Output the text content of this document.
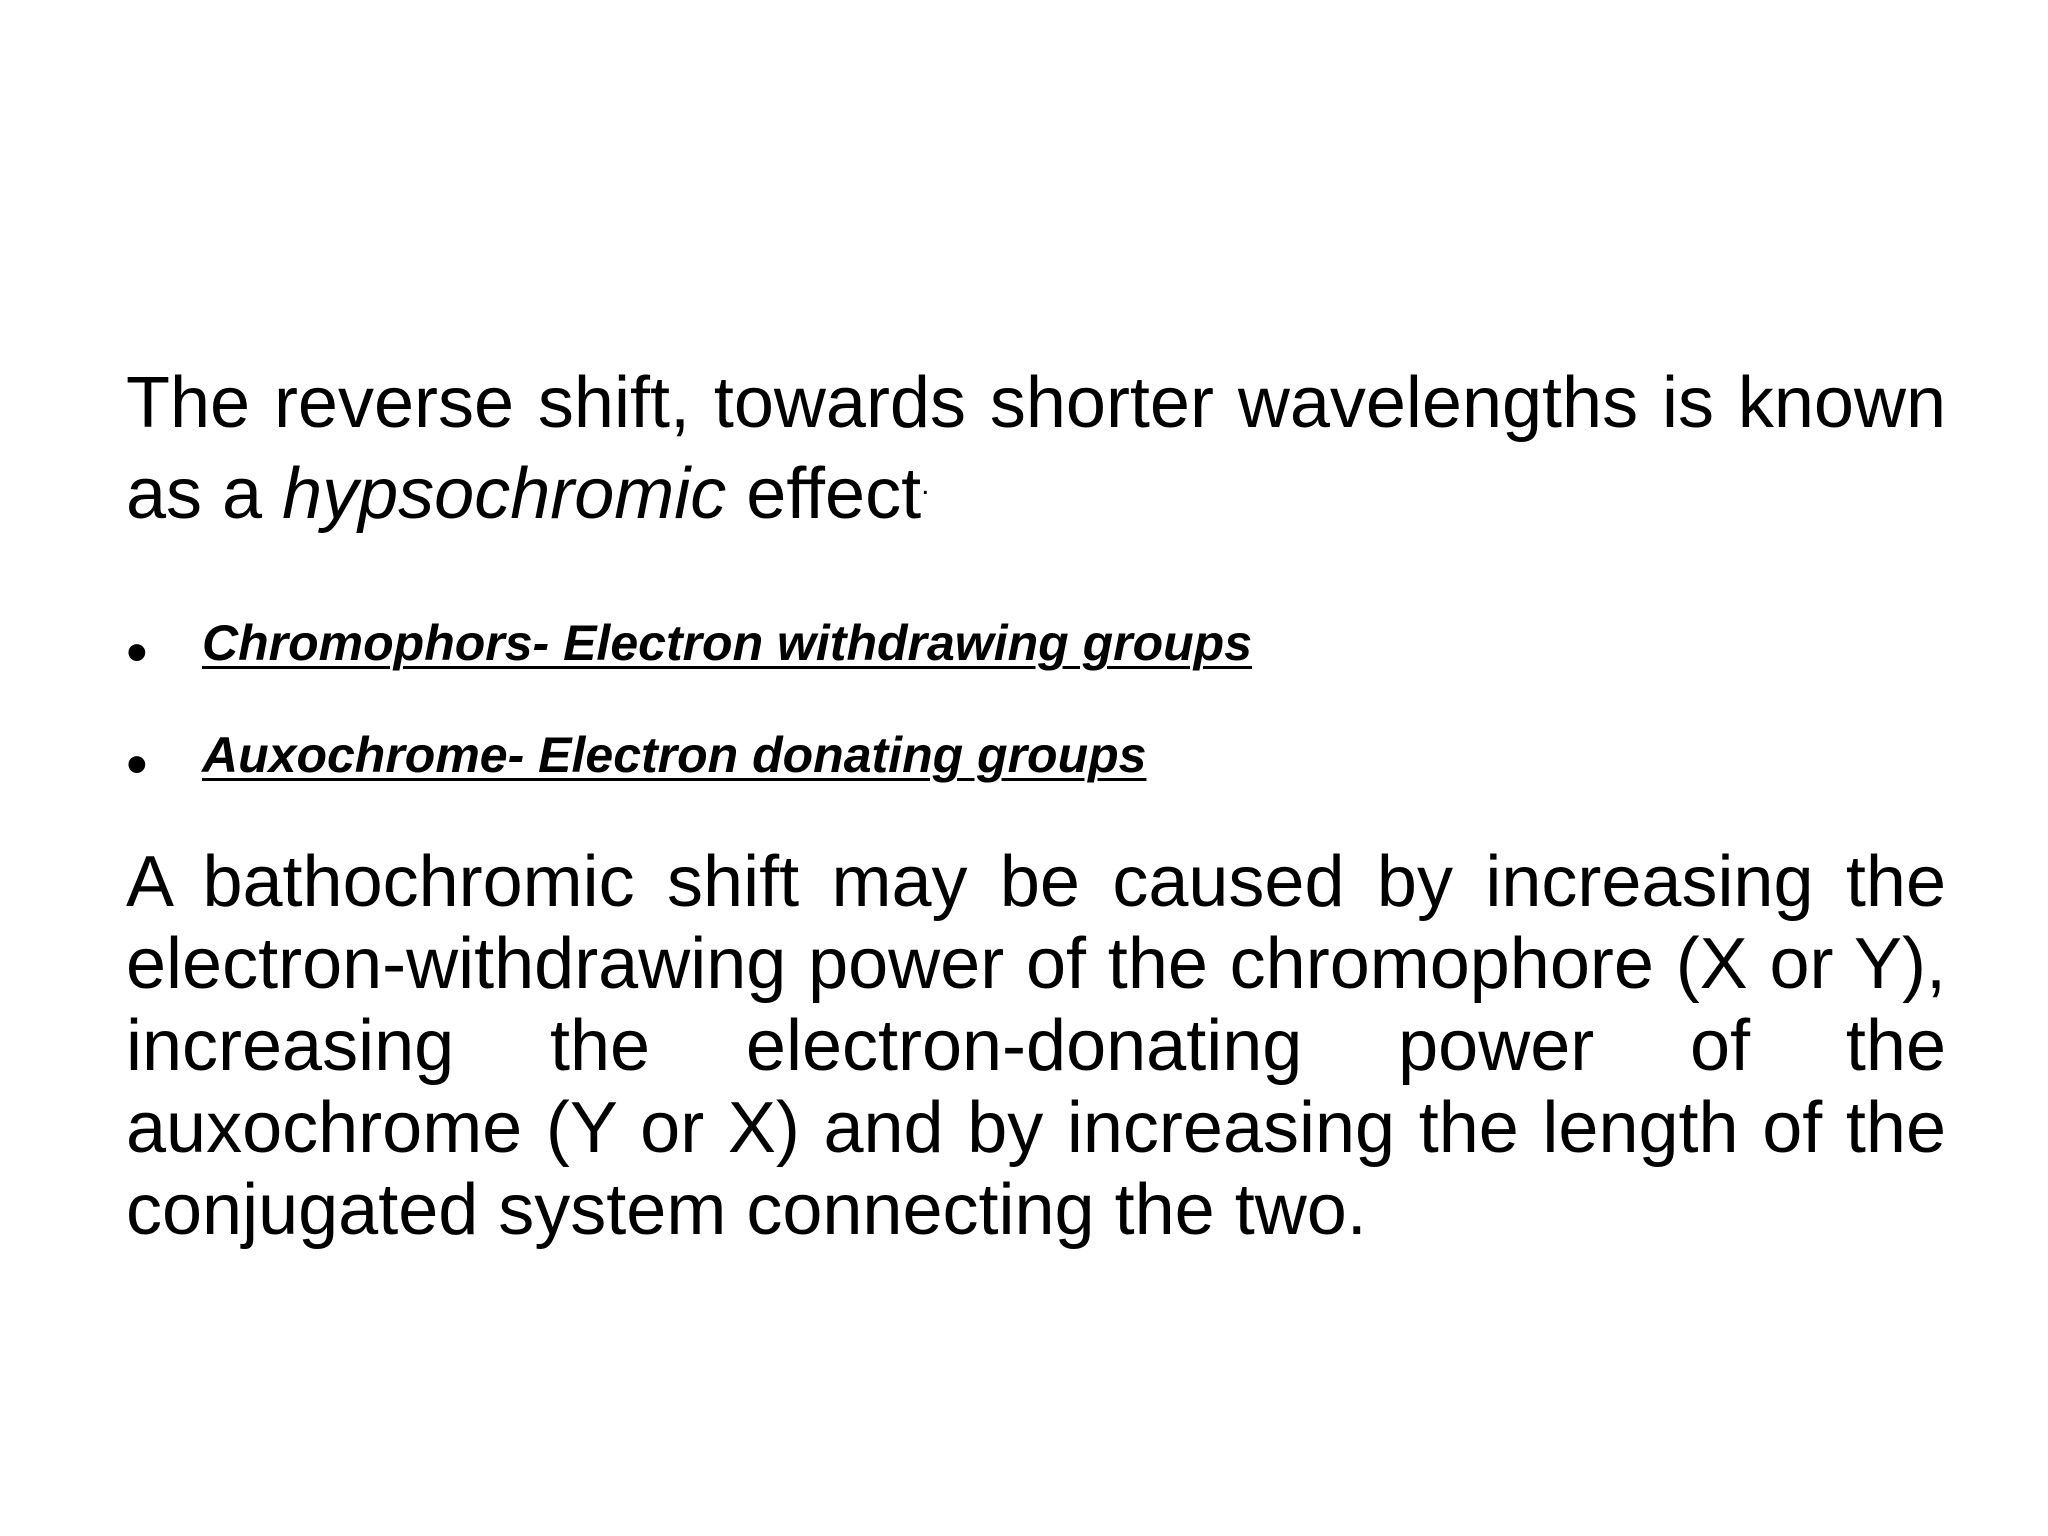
The reverse shift, towards shorter wavelengths is known as a hypsochromic effect.

•	Chromophors- Electron withdrawing groups
•	Auxochrome- Electron donating groups

A bathochromic shift may be caused by increasing the electron-withdrawing power of the chromophore (X or Y), increasing the electron-donating power of the auxochrome (Y or X) and by increasing the length of the conjugated system connecting the two.
